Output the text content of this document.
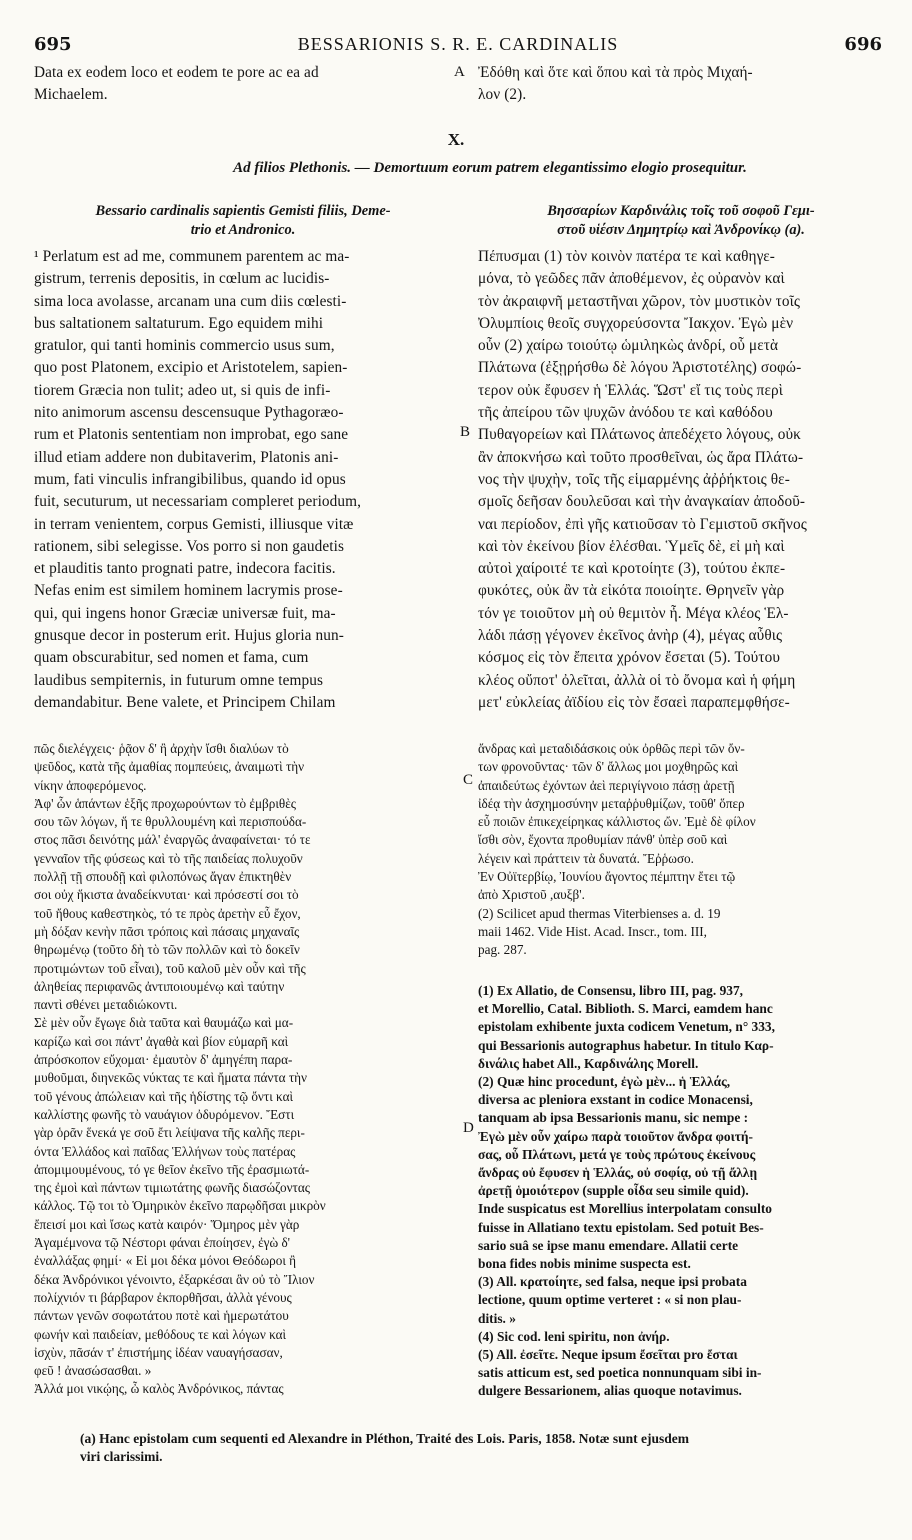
695	BESSARIONIS S. R. E. CARDINALIS	696
Data ex eodem loco et eodem te pore ac ea ad
Michaelem.
A Ἐδόθη καὶ ὅτε καὶ ὅπου καὶ τὰ πρὸς Μιχαή-
λον (2).
X.
Ad filios Plethonis. — Demortuum eorum patrem elegantissimo elogio prosequitur.
Bessario cardinalis sapientis Gemisti filiis, Deme-
trio et Andronico.
Βησσαρίων Καρδινάλις τοῖς τοῦ σοφοῦ Γεμι-
στοῦ υἱέσιν Δημητρίῳ καὶ Ἀνδρονίκῳ (a).
¹ Perlatum est ad me, communem parentem ac ma-
gistrum, terrenis depositis, in cœlum ac lucidis-
sima loca avolasse, arcanam una cum diis cœlesti-
bus saltationem saltaturum. Ego equidem mihi
gratulor, qui tanti hominis commercio usus sum,
quo post Platonem, excipio et Aristotelem, sapien-
tiorem Græcia non tulit; adeo ut, si quis de infi-
nito animorum ascensu descensuque Pythagoræo-
rum et Platonis sententiam non improbat, ego sane
illud etiam addere non dubitaverim, Platonis ani-
mum, fati vinculis infrangibilibus, quando id opus
fuit, secuturum, ut necessariam compleret periodum,
in terram venientem, corpus Gemisti, illiusque vitæ
rationem, sibi selegisse. Vos porro si non gaudetis
et plauditis tanto prognati patre, indecora facitis.
Nefas enim est similem hominem lacrymis prose-
qui, qui ingens honor Græciæ universæ fuit, ma-
gnusque decor in posterum erit. Hujus gloria nun-
quam obscurabitur, sed nomen et fama, cum
laudibus sempiternis, in futurum omne tempus
demandabitur. Bene valete, et Principem Chilam
B
Πέπυσμαι (1) τὸν κοινὸν πατέρα τε καὶ καθηγε-
μόνα, τὸ γεῶδες πᾶν ἀποθέμενον, ἐς οὐρανὸν καὶ
τὸν ἀκραιφνῆ μεταστῆναι χῶρον, τὸν μυστικὸν τοῖς
Ὀλυμπίοις θεοῖς συγχορεύσοντα Ἴακχον. Ἐγὼ μὲν
οὖν (2) χαίρω τοιούτῳ ὡμιληκὼς ἀνδρί, οὗ μετὰ
Πλάτωνα (ἐξῃρήσθω δὲ λόγου Ἀριστοτέλης) σοφώ-
τερον οὐκ ἔφυσεν ἡ Ἑλλάς. Ὥστ' εἴ τις τοὺς περὶ
τῆς ἀπείρου τῶν ψυχῶν ἀνόδου τε καὶ καθόδου
Πυθαγορείων καὶ Πλάτωνος ἀπεδέχετο λόγους, οὐκ
ἂν ἀποκνήσω καὶ τοῦτο προσθεῖναι, ὡς ἄρα Πλάτω-
νος τὴν ψυχὴν, τοῖς τῆς εἱμαρμένης ἀῤῥήκτοις θε-
σμοῖς δεῆσαν δουλεῦσαι καὶ τὴν ἀναγκαίαν ἀποδοῦ-
ναι περίοδον, ἐπὶ γῆς κατιοῦσαν τὸ Γεμιστοῦ σκῆνος
καὶ τὸν ἐκείνου βίον ἑλέσθαι. Ὑμεῖς δὲ, εἰ μὴ καὶ
αὐτοὶ χαίροιτέ τε καὶ κροτοίητε (3), τούτου ἐκπε-
φυκότες, οὐκ ἂν τὰ εἰκότα ποιοίητε. Θρηνεῖν γὰρ
τόν γε τοιοῦτον μὴ οὐ θεμιτὸν ἦ. Μέγα κλέος Ἑλ-
λάδι πάσῃ γέγονεν ἐκεῖνος ἀνὴρ (4), μέγας αὖθις
κόσμος εἰς τὸν ἔπειτα χρόνον ἔσεται (5). Τούτου
κλέος οὔποτ' ὀλεῖται, ἀλλὰ οἱ τὸ ὄνομα καὶ ἡ φήμη
μετ' εὐκλείας ἀϊδίου εἰς τὸν ἔσαεὶ παραπεμφθήσε-
πῶς διελέγχεις· ῥᾷον δ' ἢ ἀρχὴν ἴσθι διαλύων τὸ
ψεῦδος, κατὰ τῆς ἀμαθίας πομπεύεις, ἀναιμωτὶ τὴν
νίκην ἀποφερόμενος.
Ἀφ' ὧν ἁπάντων ἑξῆς προχωρούντων τὸ ἐμβριθὲς
σου τῶν λόγων, ἥ τε θρυλλουμένη καὶ περισπούδα-
στος πᾶσι δεινότης μάλ' ἐναργῶς ἀναφαίνεται· τό τε
γενναῖον τῆς φύσεως καὶ τὸ τῆς παιδείας πολυχοῦν
πολλῇ τῇ σπουδῇ καὶ φιλοπόνως ἄγαν ἐπικτηθὲν
σοι οὐχ ἥκιστα ἀναδείκνυται· καὶ πρόσεστί σοι τὸ
τοῦ ἤθους καθεστηκὸς, τό τε πρὸς ἀρετὴν εὖ ἔχον,
μὴ δόξαν κενὴν πᾶσι τρόποις καὶ πάσαις μηχαναῖς
θηρωμένῳ (τοῦτο δὴ τὸ τῶν πολλῶν καὶ τὸ δοκεῖν
προτιμώντων τοῦ εἶναι), τοῦ καλοῦ μὲν οὖν καὶ τῆς
ἀληθείας περιφανῶς ἀντιποιουμένῳ καὶ ταύτην
παντὶ σθένει μεταδιώκοντι.
Σὲ μὲν οὖν ἔγωγε διὰ ταῦτα καὶ θαυμάζω καὶ μα-
καρίζω καὶ σοι πάντ' ἀγαθὰ καὶ βίον εὐμαρῆ καὶ
ἀπρόσκοπον εὔχομαι· ἐμαυτὸν δ' ἀμηγέπη παρα-
μυθοῦμαι, διηνεκῶς νύκτας τε καὶ ἤματα πάντα τὴν
τοῦ γένους ἀπώλειαν καὶ τῆς ἡδίστης τῷ ὄντι καὶ
καλλίστης φωνῆς τὸ ναυάγιον ὀδυρόμενον. Ἔστι
γὰρ ὁρᾶν ἕνεκά γε σοῦ ἔτι λείψανα τῆς καλῆς περι-
όντα Ἑλλάδος καὶ παῖδας Ἑλλήνων τοὺς πατέρας
ἀπομιμουμένους, τό γε θεῖον ἐκεῖνο τῆς ἐρασμιωτά-
της ἐμοὶ καὶ πάντων τιμιωτάτης φωνῆς διασώζοντας
κάλλος. Τῷ τοι τὸ Ὁμηρικὸν ἐκεῖνο παρῳδῆσαι μικρὸν
ἔπεισί μοι καὶ ἴσως κατὰ καιρόν· Ὅμηρος μὲν γὰρ
Ἀγαμέμνονα τῷ Νέστορι φάναι ἐποίησεν, ἐγὼ δ'
ἐναλλάξας φημί· « Εἰ μοι δέκα μόνοι Θεόδωροι ἢ
δέκα Ἀνδρόνικοι γένοιντο, ἐξαρκέσαι ἂν οὐ τὸ Ἴλιον
πολίχνιόν τι βάρβαρον ἐκπορθῆσαι, ἀλλὰ γένους
πάντων γενῶν σοφωτάτου ποτὲ καὶ ἡμερωτάτου
φωνήν καὶ παιδείαν, μεθόδους τε καὶ λόγων καὶ
ἰσχὺν, πᾶσάν τ' ἐπιστήμης ἰδέαν ναυαγήσασαν,
φεῦ ! ἀνασώσασθαι. »
Ἀλλά μοι νικῴης, ὦ καλὸς Ἀνδρόνικος, πάντας
C
D
ἄνδρας καὶ μεταδιδάσκοις οὐκ ὀρθῶς περὶ τῶν ὄν-
των φρονοῦντας· τῶν δ' ἄλλως μοι μοχθηρῶς καὶ
ἀπαιδεύτως ἐχόντων ἀεὶ περιγίγνοιο πάσῃ ἀρετῇ
ἰδέᾳ τὴν ἀσχημοσύνην μεταῤῥυθμίζων, τοῦθ' ὅπερ
εὖ ποιῶν ἐπικεχείρηκας κάλλιστος ὤν. Ἐμὲ δὲ φίλον
ἴσθι σὸν, ἔχοντα προθυμίαν πάνθ' ὑπὲρ σοῦ καὶ
λέγειν καὶ πράττειν τὰ δυνατά. Ἔῤῥωσο.
Ἐν Οὐϊτερβίῳ, Ἰουνίου ἄγοντος πέμπτην ἔτει τῷ
ἀπὸ Χριστοῦ ,αυξβ'.
(2) Scilicet apud thermas Viterbienses a. d. 19
maii 1462. Vide Hist. Acad. Inscr., tom. III,
pag. 287.
(1) Ex Allatio, de Consensu, libro III, pag. 937,
et Morellio, Catal. Biblioth. S. Marci, eamdem hanc
epistolam exhibente juxta codicem Venetum, n° 333,
qui Bessarionis autographus habetur. In titulo Καρ-
δινάλις habet All., Καρδινάλης Morell.
(2) Quæ hinc procedunt, ἐγὼ μὲν... ἡ Ἑλλάς,
diversa ac pleniora exstant in codice Monacensi,
tanquam ab ipsa Bessarionis manu, sic nempe :
Ἐγὼ μὲν οὖν χαίρω παρὰ τοιοῦτον ἄνδρα φοιτή-
σας, οὗ Πλάτωνι, μετά γε τοὺς πρώτους ἐκείνους
ἄνδρας οὐ ἔφυσεν ἡ Ἑλλάς, οὐ σοφίᾳ, οὐ τῇ ἄλλῃ
ἀρετῇ ὁμοιότερον (supple οἶδα seu simile quid).
Inde suspicatus est Morellius interpolatam consulto
fuisse in Allatiano textu epistolam. Sed potuit Bes-
sario suâ se ipse manu emendare. Allatii certe
bona fides nobis minime suspecta est.
(3) All. κρατοίητε, sed falsa, neque ipsi probata
lectione, quum optime verteret : « si non plau-
ditis. »
(4) Sic cod. leni spiritu, non ἀνήρ.
(5) All. ἐσεῖτε. Neque ipsum ἔσεῖται pro ἔσται
satis atticum est, sed poetica nonnunquam sibi in-
dulgere Bessarionem, alias quoque notavimus.
(a) Hanc epistolam cum sequenti ed Alexandre in Pléthon, Traité des Lois. Paris, 1858. Notæ sunt ejusdem
viri clarissimi.
